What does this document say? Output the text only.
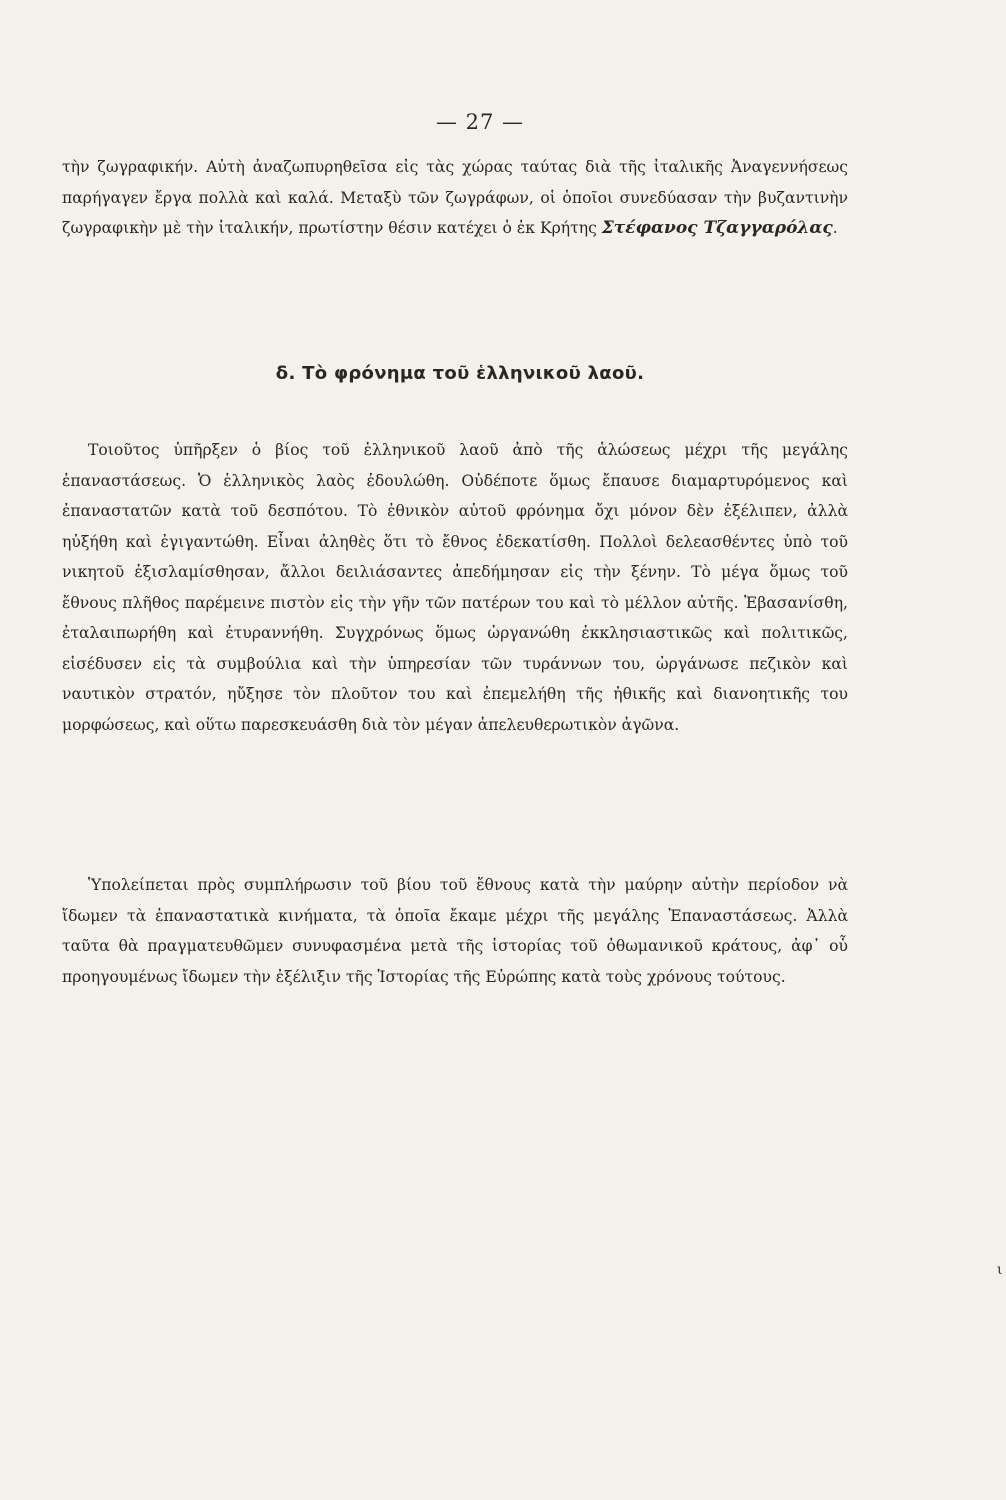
— 27 —
τὴν ζωγραφικήν. Αὐτὴ ἀναζωπυρηθεῖσα εἰς τὰς χώρας ταύτας διὰ τῆς ἰταλικῆς Ἀναγεννήσεως παρήγαγεν ἔργα πολλὰ καὶ καλά. Μεταξὺ τῶν ζωγράφων, οἱ ὁποῖοι συνεδύασαν τὴν βυζαντινὴν ζωγραφικὴν μὲ τὴν ἰταλικήν, πρωτίστην θέσιν κατέχει ὁ ἐκ Κρήτης Στέφανος Τζαγγαρόλας.
δ. Τὸ φρόνημα τοῦ ἑλληνικοῦ λαοῦ.
Τοιοῦτος ὑπῆρξεν ὁ βίος τοῦ ἑλληνικοῦ λαοῦ ἀπὸ τῆς ἁλώσεως μέχρι τῆς μεγάλης ἐπαναστάσεως. Ὁ ἑλληνικὸς λαὸς ἐδουλώθη. Οὐδέποτε ὅμως ἔπαυσε διαμαρτυρόμενος καὶ ἐπαναστατῶν κατὰ τοῦ δεσπότου. Τὸ ἐθνικὸν αὐτοῦ φρόνημα ὄχι μόνον δὲν ἐξέλιπεν, ἀλλὰ ηὐξήθη καὶ ἐγιγαντώθη. Εἶναι ἀληθὲς ὅτι τὸ ἔθνος ἐδεκατίσθη. Πολλοὶ δελεασθέντες ὑπὸ τοῦ νικητοῦ ἐξισλαμίσθησαν, ἄλλοι δειλιάσαντες ἀπεδήμησαν εἰς τὴν ξένην. Τὸ μέγα ὅμως τοῦ ἔθνους πλῆθος παρέμεινε πιστὸν εἰς τὴν γῆν τῶν πατέρων του καὶ τὸ μέλλον αὐτῆς. Ἐβασανίσθη, ἐταλαιπωρήθη καὶ ἐτυραννήθη. Συγχρόνως ὅμως ὠργανώθη ἐκκλησιαστικῶς καὶ πολιτικῶς, εἰσέδυσεν εἰς τὰ συμβούλια καὶ τὴν ὑπηρεσίαν τῶν τυράννων του, ὠργάνωσε πεζικὸν καὶ ναυτικὸν στρατόν, ηὔξησε τὸν πλοῦτον του καὶ ἐπεμελήθη τῆς ἠθικῆς καὶ διανοητικῆς του μορφώσεως, καὶ οὕτω παρεσκευάσθη διὰ τὸν μέγαν ἀπελευθερωτικὸν ἀγῶνα.
Ὑπολείπεται πρὸς συμπλήρωσιν τοῦ βίου τοῦ ἔθνους κατὰ τὴν μαύρην αὐτὴν περίοδον νὰ ἴδωμεν τὰ ἐπαναστατικὰ κινήματα, τὰ ὁποῖα ἔκαμε μέχρι τῆς μεγάλης Ἐπαναστάσεως. Ἀλλὰ ταῦτα θὰ πραγματευθῶμεν συνυφασμένα μετὰ τῆς ἱστορίας τοῦ ὀθωμανικοῦ κράτους, ἀφ᾽ οὗ προηγουμένως ἴδωμεν τὴν ἐξέλιξιν τῆς Ἱστορίας τῆς Εὐρώπης κατὰ τοὺς χρόνους τούτους.
ι
